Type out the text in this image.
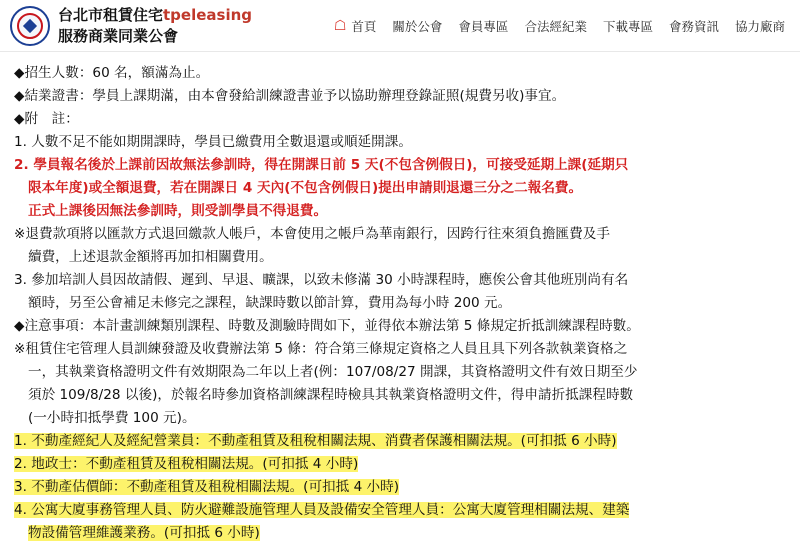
台北市租賃住宅tpeleasing
服務商業同業公會
☖ 首頁 關於公會 會員專區 合法經紀業 下載專區 會務資訊 協力廠商

◆招生人數：60 名，額滿為止。

◆結業證書：學員上課期滿，由本會發給訓練證書並予以協助辦理登錄証照(規費另收)事宜。

◆附　註：

1. 人數不足不能如期開課時，學員已繳費用全數退還或順延開課。

2. 學員報名後於上課前因故無法參訓時，得在開課日前 5 天(不包含例假日)，可接受延期上課(延期只

限本年度)或全額退費，若在開課日 4 天內(不包含例假日)提出申請則退還三分之二報名費。

正式上課後因無法參訓時，則受訓學員不得退費。

※退費款項將以匯款方式退回繳款人帳戶，本會使用之帳戶為華南銀行，因跨行往來須負擔匯費及手

續費，上述退款金額將再加扣相關費用。

3. 參加培訓人員因故請假、遲到、早退、曠課，以致未修滿 30 小時課程時，應俟公會其他班別尚有名

額時，另至公會補足未修完之課程，缺課時數以節計算，費用為每小時 200 元。

◆注意事項：本計畫訓練類別課程、時數及測驗時間如下，並得依本辦法第 5 條規定折抵訓練課程時數。

※租賃住宅管理人員訓練發證及收費辦法第 5 條：符合第三條規定資格之人員且具下列各款執業資格之

一，其執業資格證明文件有效期限為二年以上者(例：107/08/27 開課，其資格證明文件有效日期至少

須於 109/8/28 以後)，於報名時參加資格訓練課程時檢具其執業資格證明文件，得申請折抵課程時數

(一小時扣抵學費 100 元)。

1. 不動產經紀人及經紀營業員：不動產租賃及租稅相關法規、消費者保護相關法規。(可扣抵 6 小時)

2. 地政士：不動產租賃及租稅相關法規。(可扣抵 4 小時)

3. 不動產估價師：不動產租賃及租稅相關法規。(可扣抵 4 小時)

4. 公寓大廈事務管理人員、防火避難設施管理人員及設備安全管理人員：公寓大廈管理相關法規、建築

物設備管理維護業務。(可扣抵 6 小時)
